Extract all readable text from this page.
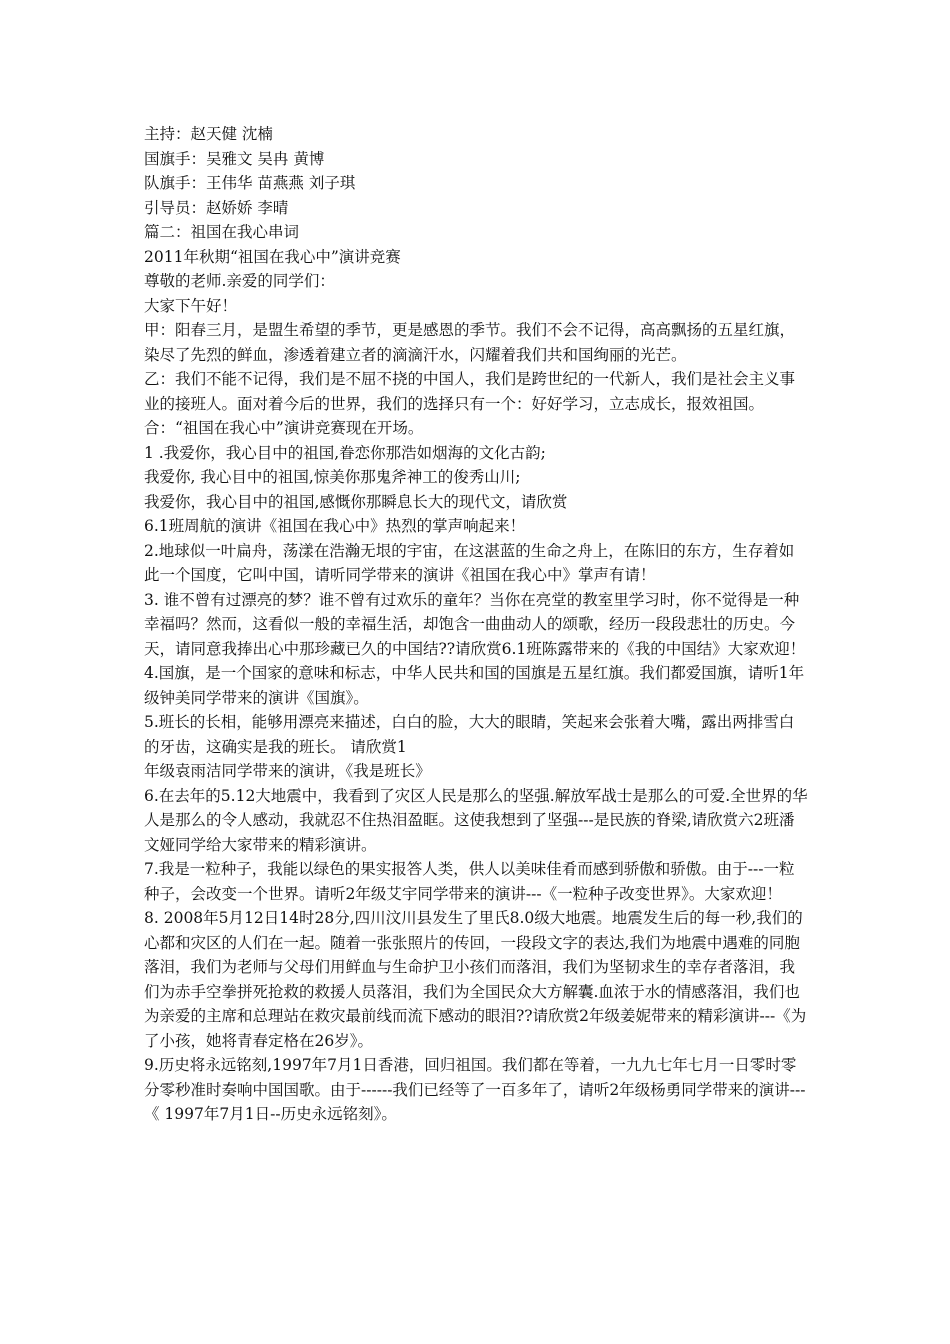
主持：赵天健 沈楠

国旗手：吴雅文 吴冉 黄博

队旗手：王伟华 苗燕燕 刘子琪

引导员：赵娇娇 李晴

篇二：祖国在我心串词

2011年秋期“祖国在我心中”演讲竞赛

尊敬的老师.亲爱的同学们：

大家下午好！

甲：阳春三月，是盟生希望的季节，更是感恩的季节。我们不会不记得，高高飘扬的五星红旗，染尽了先烈的鲜血，渗透着建立者的滴滴汗水，闪耀着我们共和国绚丽的光芒。

乙：我们不能不记得，我们是不屈不挠的中国人，我们是跨世纪的一代新人，我们是社会主义事业的接班人。面对着今后的世界，我们的选择只有一个：好好学习，立志成长，报效祖国。

合：“祖国在我心中”演讲竞赛现在开场。

1 .我爱你，我心目中的祖国,眷恋你那浩如烟海的文化古韵;

我爱你, 我心目中的祖国,惊美你那鬼斧神工的俊秀山川;

我爱你，我心目中的祖国,感慨你那瞬息长大的现代文，请欣赏

6.1班周航的演讲《祖国在我心中》热烈的掌声响起来！

2.地球似一叶扁舟，荡漾在浩瀚无垠的宇宙，在这湛蓝的生命之舟上，在陈旧的东方，生存着如此一个国度，它叫中国，请听同学带来的演讲《祖国在我心中》掌声有请！

3. 谁不曾有过漂亮的梦？谁不曾有过欢乐的童年？当你在亮堂的教室里学习时，你不觉得是一种幸福吗？然而，这看似一般的幸福生活，却饱含一曲曲动人的颂歌，经历一段段悲壮的历史。今天，请同意我捧出心中那珍藏已久的中国结??请欣赏6.1班陈露带来的《我的中国结》大家欢迎！

4.国旗，是一个国家的意味和标志，中华人民共和国的国旗是五星红旗。我们都爱国旗，请听1年级钟美同学带来的演讲《国旗》。

5.班长的长相，能够用漂亮来描述，白白的脸，大大的眼睛，笑起来会张着大嘴，露出两排雪白的牙齿，这确实是我的班长。 请欣赏1

年级袁雨洁同学带来的演讲，《我是班长》

6.在去年的5.12大地震中，我看到了灾区人民是那么的坚强.解放军战士是那么的可爱.全世界的华人是那么的令人感动，我就忍不住热泪盈眶。这使我想到了坚强---是民族的脊梁,请欣赏六2班潘文娅同学给大家带来的精彩演讲。

7.我是一粒种子，我能以绿色的果实报答人类，供人以美味佳肴而感到骄傲和骄傲。由于---一粒种子，会改变一个世界。请听2年级艾宇同学带来的演讲---《一粒种子改变世界》。大家欢迎！

8. 2008年5月12日14时28分,四川汶川县发生了里氏8.0级大地震。地震发生后的每一秒,我们的心都和灾区的人们在一起。随着一张张照片的传回，一段段文字的表达,我们为地震中遇难的同胞落泪，我们为老师与父母们用鲜血与生命护卫小孩们而落泪，我们为坚韧求生的幸存者落泪，我们为赤手空拳拼死抢救的救援人员落泪，我们为全国民众大方解囊.血浓于水的情感落泪，我们也为亲爱的主席和总理站在救灾最前线而流下感动的眼泪??请欣赏2年级姜妮带来的精彩演讲---《为了小孩，她将青春定格在26岁》。

9.历史将永远铭刻,1997年7月1日香港，回归祖国。我们都在等着，一九九七年七月一日零时零分零秒准时奏响中国国歌。由于------我们已经等了一百多年了，请听2年级杨勇同学带来的演讲---《 1997年7月1日--历史永远铭刻》。
